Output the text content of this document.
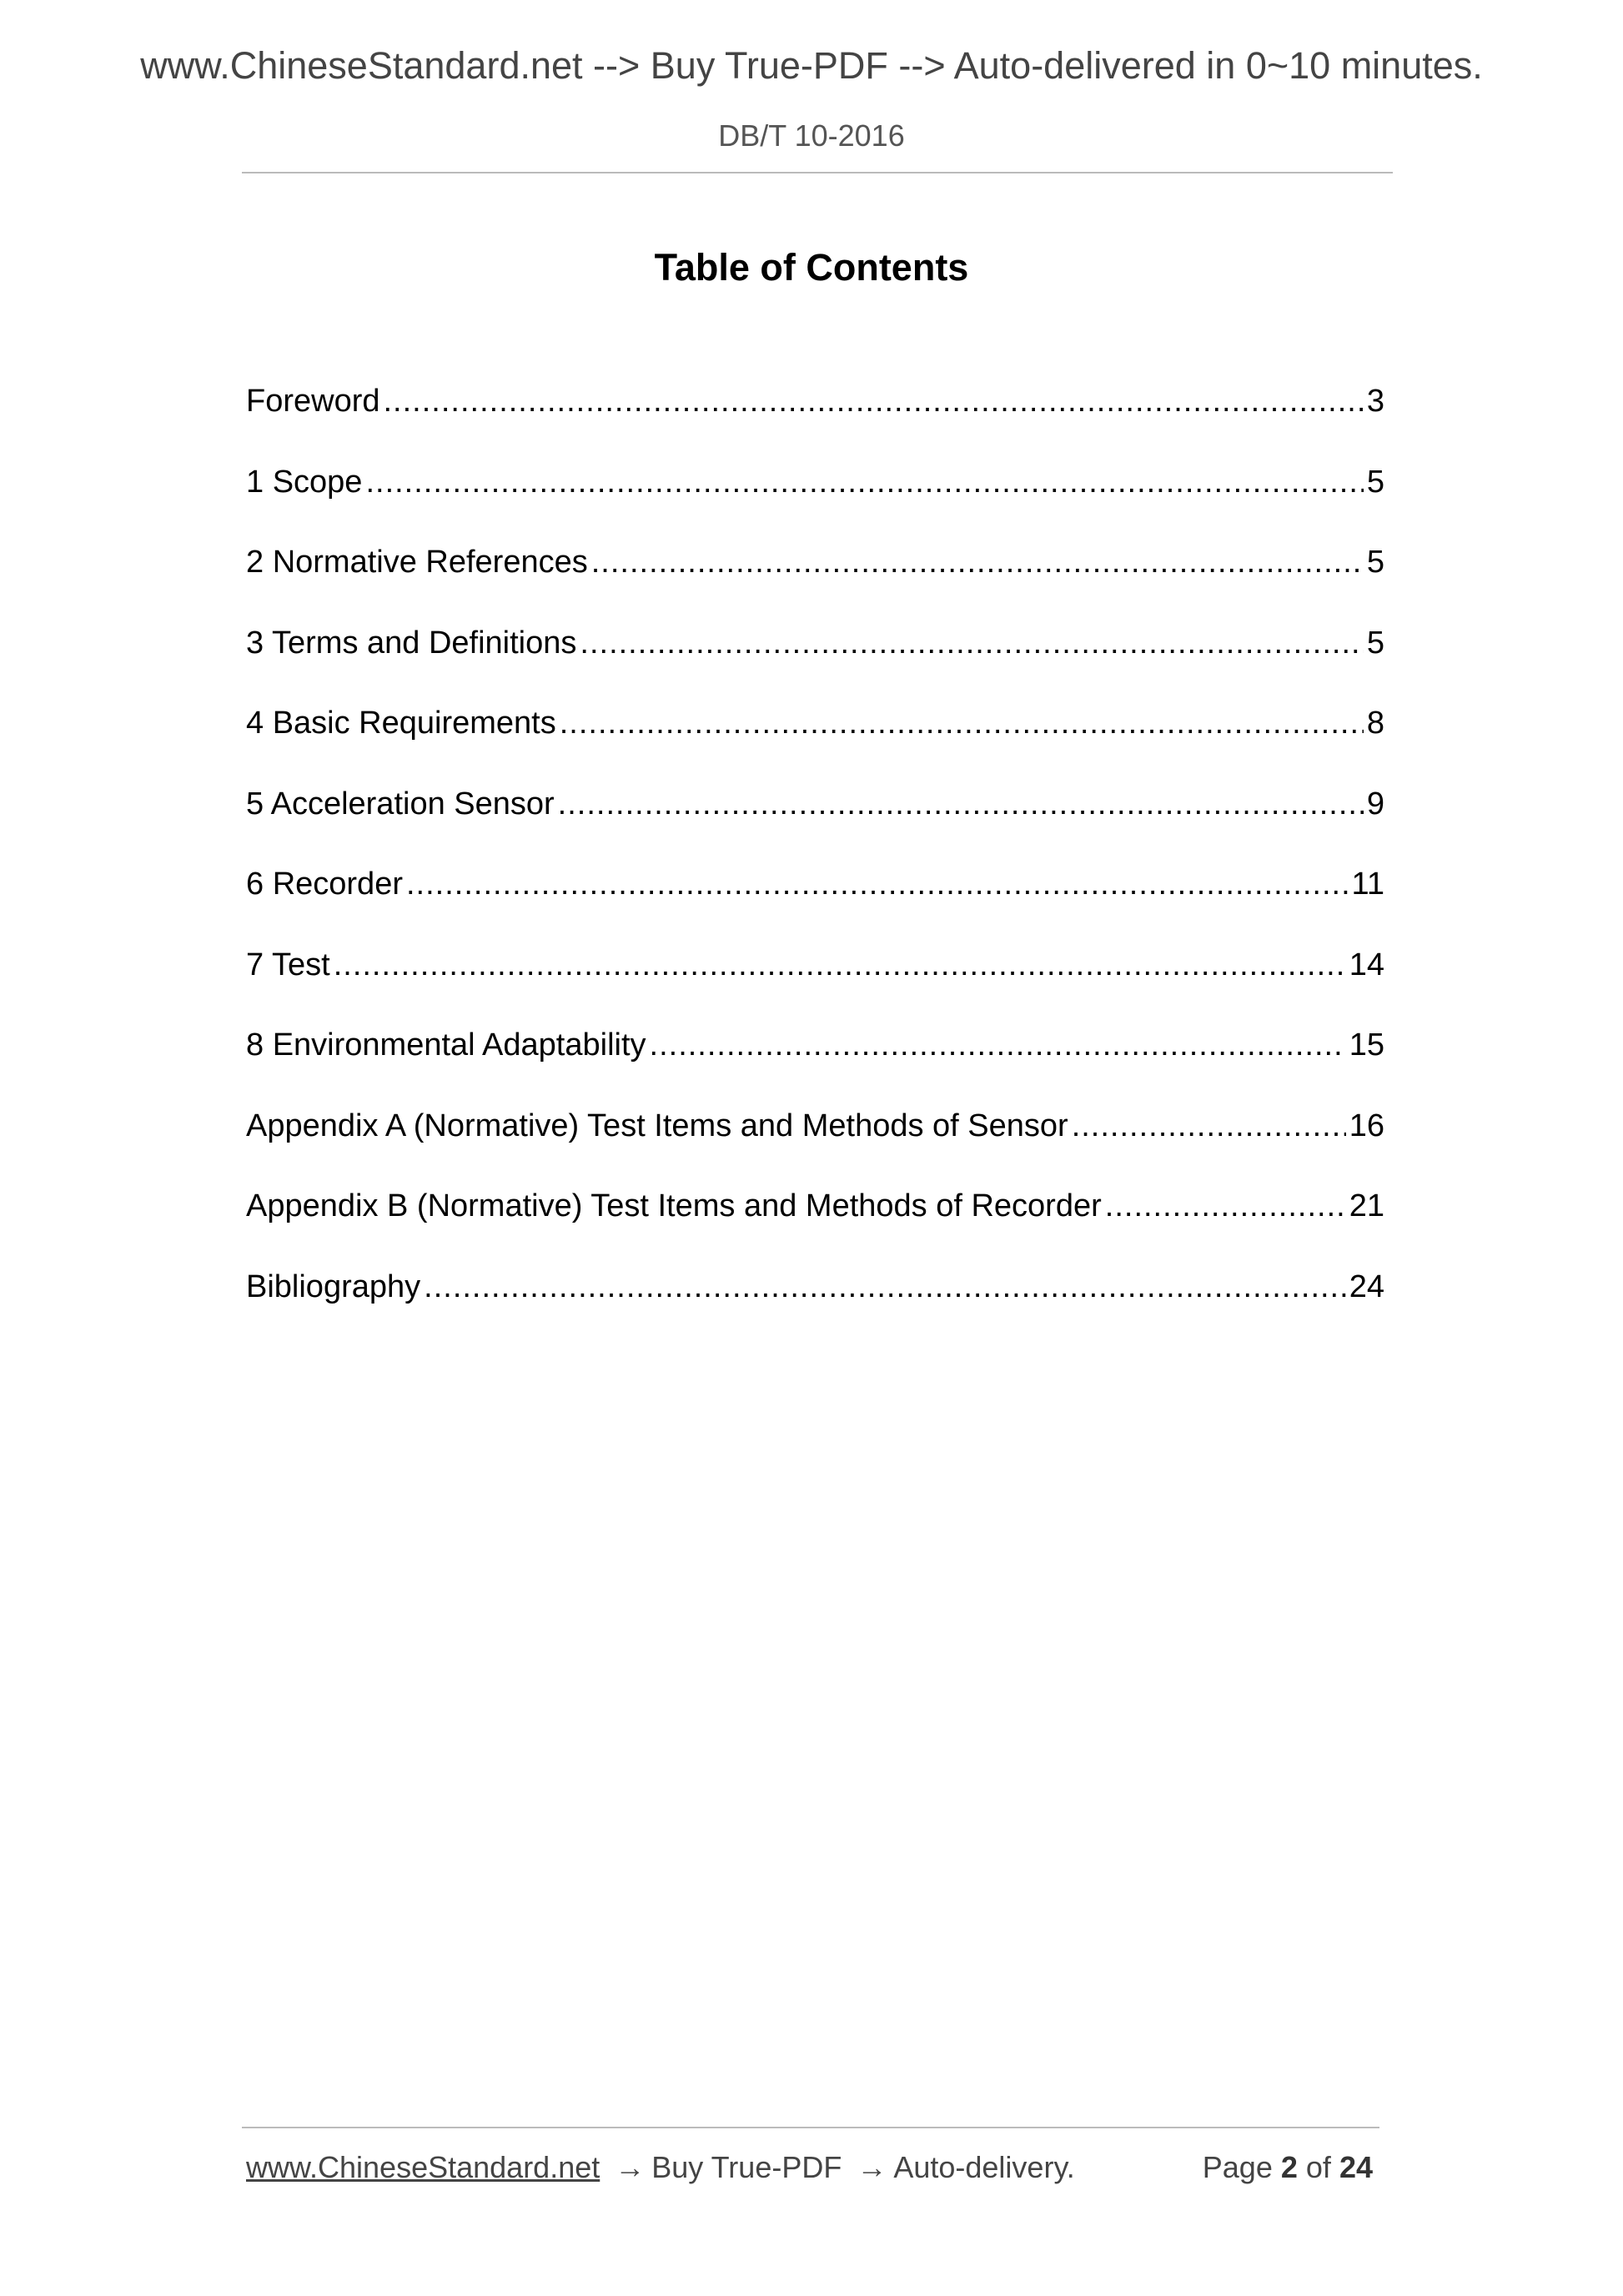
www.ChineseStandard.net --> Buy True-PDF --> Auto-delivered in 0~10 minutes.
DB/T 10-2016
Table of Contents
Foreword .....	3
1 Scope .....	5
2 Normative References .....	5
3 Terms and Definitions .....	5
4 Basic Requirements .....	8
5 Acceleration Sensor .....	9
6 Recorder .....	11
7 Test .....	14
8 Environmental Adaptability .....	15
Appendix A (Normative) Test Items and Methods of Sensor .....	16
Appendix B (Normative) Test Items and Methods of Recorder .....	21
Bibliography .....	24
www.ChineseStandard.net → Buy True-PDF → Auto-delivery.	Page 2 of 24
